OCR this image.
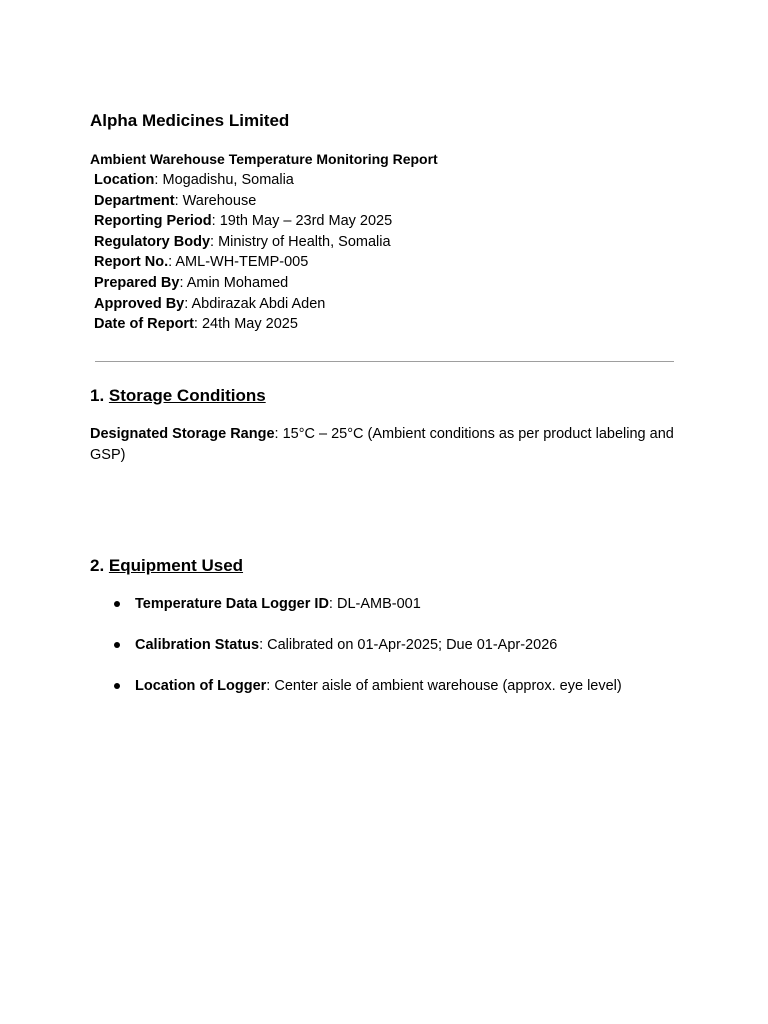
Alpha Medicines Limited
Ambient Warehouse Temperature Monitoring Report
Location: Mogadishu, Somalia
Department: Warehouse
Reporting Period: 19th May – 23rd May 2025
Regulatory Body: Ministry of Health, Somalia
Report No.: AML-WH-TEMP-005
Prepared By: Amin Mohamed
Approved By: Abdirazak Abdi Aden
Date of Report: 24th May 2025
1. Storage Conditions
Designated Storage Range: 15°C – 25°C (Ambient conditions as per product labeling and GSP)
2. Equipment Used
Temperature Data Logger ID: DL-AMB-001
Calibration Status: Calibrated on 01-Apr-2025; Due 01-Apr-2026
Location of Logger: Center aisle of ambient warehouse (approx. eye level)
